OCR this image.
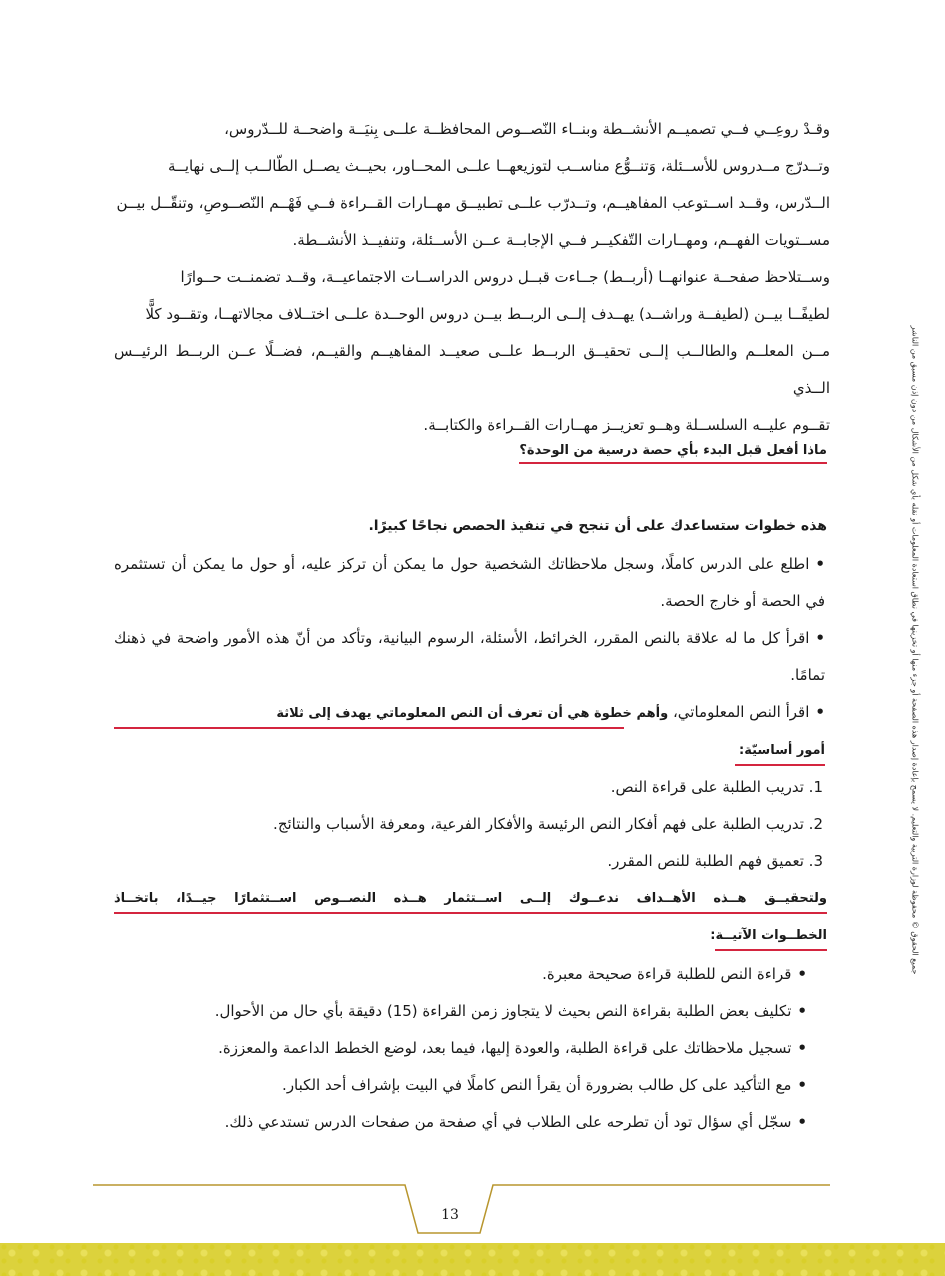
وقـدْ روعِــي فــي تصميــم الأنشــطة وبنــاء النّصــوص المحافظــة علــى بِنيَــة واضحــة للــدّروس،
وتــدرّج مــدروس للأســئلة، وَتنــوُّع مناســب لتوزيعهــا علــى المحــاور، بحيــث يصــل الطّالــب إلــى نهايــة
الــدّرس، وقــد اســتوعب المفاهيــم، وتــدرّب علــى تطبيــق مهــارات القــراءة فــي فَهْــم النّصــوصِ، وتنقّــل بيــن
مســتويات الفهــم، ومهــارات التّفكيــر فــي الإجابــة عــن الأســئلة، وتنفيــذ الأنشــطة.
وســتلاحظ صفحــة عنوانهــا (أربــط) جــاءت قبــل دروس الدراســات الاجتماعيــة، وقــد تضمنــت حــوارًا
لطيفًــا بيــن (لطيفــة وراشــد) يهــدف إلــى الربــط بيــن دروس الوحــدة علــى اختــلاف مجالاتهــا، وتقــود كلًّا
مــن المعلــم والطالــب إلــى تحقيــق الربــط علــى صعيــد المفاهيــم والقيــم، فضــلًا عــن الربــط الرئيــس الــذي
تقــوم عليــه السلســلة وهــو تعزيــز مهــارات القــراءة والكتابــة.
ماذا أفعل قبل البدء بأي حصة درسية من الوحدة؟
هذه خطوات ستساعدك على أن تنجح في تنفيذ الحصص نجاحًا كبيرًا.
•اطلع على الدرس كاملًا، وسجل ملاحظاتك الشخصية حول ما يمكن أن تركز عليه، أو حول ما يمكن أن تستثمره في الحصة أو خارج الحصة.
•اقرأ كل ما له علاقة بالنص المقرر، الخرائط، الأسئلة، الرسوم البيانية، وتأكد من أنّ هذه الأمور واضحة في ذهنك تمامًا.
•اقرأ النص المعلوماتي، وأهم خطوة هي أن تعرف أن النص المعلوماتي يهدف إلى ثلاثة
أمور أساسيّة:
1. تدريب الطلبة على قراءة النص.
2. تدريب الطلبة على فهم أفكار النص الرئيسة والأفكار الفرعية، ومعرفة الأسباب والنتائج.
3. تعميق فهم الطلبة للنص المقرر.
ولتحقيــق هــذه الأهــداف ندعــوك إلــى اســتثمار هــذه النصــوص اســتثمارًا جيــدًا، باتخــاذ
الخطــوات الآتيــة:
•قراءة النص للطلبة قراءة صحيحة معبرة.
•تكليف بعض الطلبة بقراءة النص بحيث لا يتجاوز زمن القراءة (15) دقيقة بأي حال من الأحوال.
•تسجيل ملاحظاتك على قراءة الطلبة، والعودة إليها، فيما بعد، لوضع الخطط الداعمة والمعززة.
•مع التأكيد على كل طالب بضرورة أن يقرأ النص كاملًا في البيت بإشراف أحد الكبار.
•سجّل أي سؤال تود أن تطرحه على الطلاب في أي صفحة من صفحات الدرس تستدعي ذلك.
جميع الحقوق © محفوظة لوزارة التربية والتعليم. لا يسمح بإعادة إصدار هذه الصفحة أو جزء منها أو تخزينها في نطاق استعادة المعلومات أو نقله بأي شكل من الأشكال من دون إذن مسبق من الناشر
13
